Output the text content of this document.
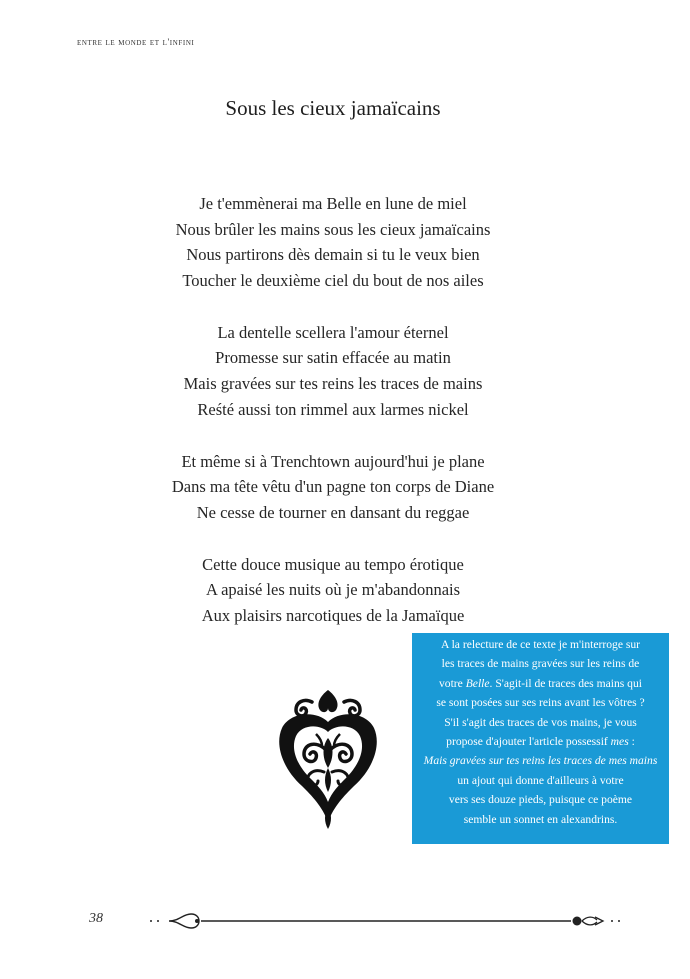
entre le monde et l'infini
Sous les cieux jamaïcains
Je t'emmènerai ma Belle en lune de miel
Nous brûler les mains sous les cieux jamaïcains
Nous partirons dès demain si tu le veux bien
Toucher le deuxième ciel du bout de nos ailes
La dentelle scellera l'amour éternel
Promesse sur satin effacée au matin
Mais gravées sur tes reins les traces de mains
Reśté aussi ton rimmel aux larmes nickel
Et même si à Trenchtown aujourd'hui je plane
Dans ma tête vêtu d'un pagne ton corps de Diane
Ne cesse de tourner en dansant du reggae
Cette douce musique au tempo érotique
A apaisé les nuits où je m'abandonnais
Aux plaisirs narcotiques de la Jamaïque
A la relecture de ce texte je m'interroge sur
les traces de mains gravées sur les reins de
votre Belle. S'agit-il de traces des mains qui
se sont posées sur ses reins avant les vôtres ?
S'il s'agit des traces de vos mains, je vous
propose d'ajouter l'article possessif mes :
Mais gravées sur tes reins les traces de mes mains
un ajout qui donne d'ailleurs à votre
vers ses douze pieds, puisque ce poème
semble un sonnet en alexandrins.
38
